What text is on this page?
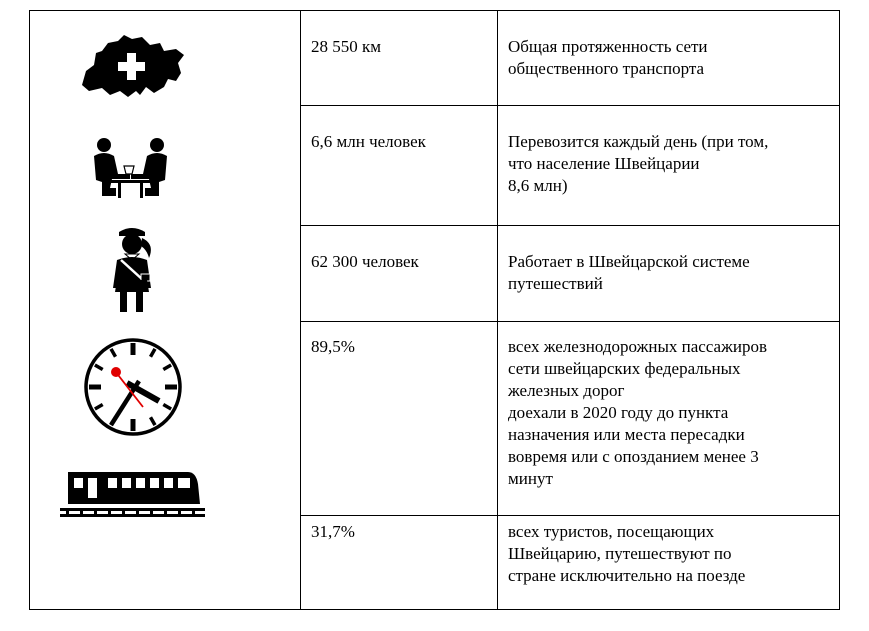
28 550 км	Общая протяженность сети
общественного транспорта
6,6 млн человек	Перевозится каждый день (при том,
что население Швейцарии
8,6 млн)
62 300 человек	Работает в Швейцарской системе
путешествий
89,5%	всех железнодорожных пассажиров
сети швейцарских федеральных
железных дорог
доехали в 2020 году до пункта
назначения или места пересадки
вовремя или с опозданием менее 3
минут
31,7%	всех туристов, посещающих
Швейцарию, путешествуют по
стране исключительно на поезде
